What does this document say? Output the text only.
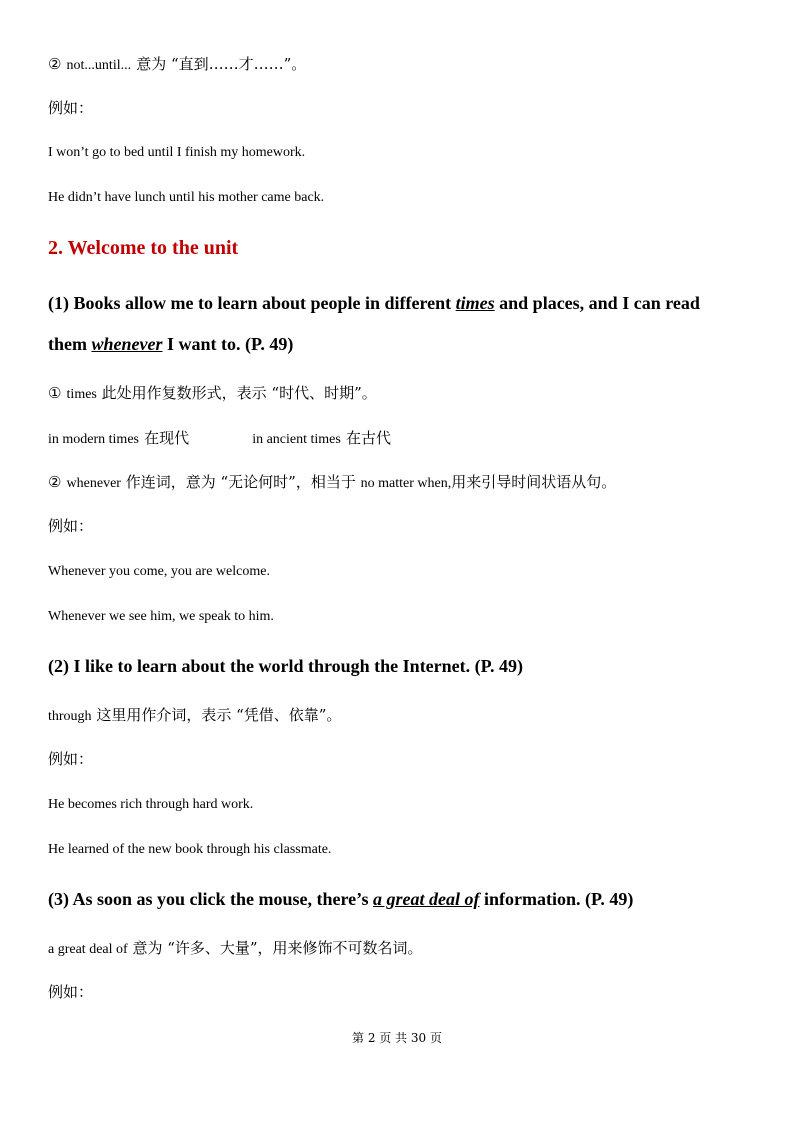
② not...until... 意为 “直到……才……”。
例如：
I won’t go to bed until I finish my homework.
He didn’t have lunch until his mother came back.
2. Welcome to the unit
(1) Books allow me to learn about people in different times and places, and I can read
them whenever I want to. (P. 49)
① times 此处用作复数形式，表示 “时代、时期”。
in modern times 在现代	in ancient times 在古代
② whenever 作连词，意为 “无论何时”，相当于 no matter when,用来引导时间状语从句。
例如：
Whenever you come, you are welcome.
Whenever we see him, we speak to him.
(2) I like to learn about the world through the Internet. (P. 49)
through 这里用作介词，表示 “凭借、依靠”。
例如：
He becomes rich through hard work.
He learned of the new book through his classmate.
(3) As soon as you click the mouse, there’s a great deal of information. (P. 49)
a great deal of 意为 “许多、大量”，用来修饰不可数名词。
例如：
第 2 页 共 30 页
